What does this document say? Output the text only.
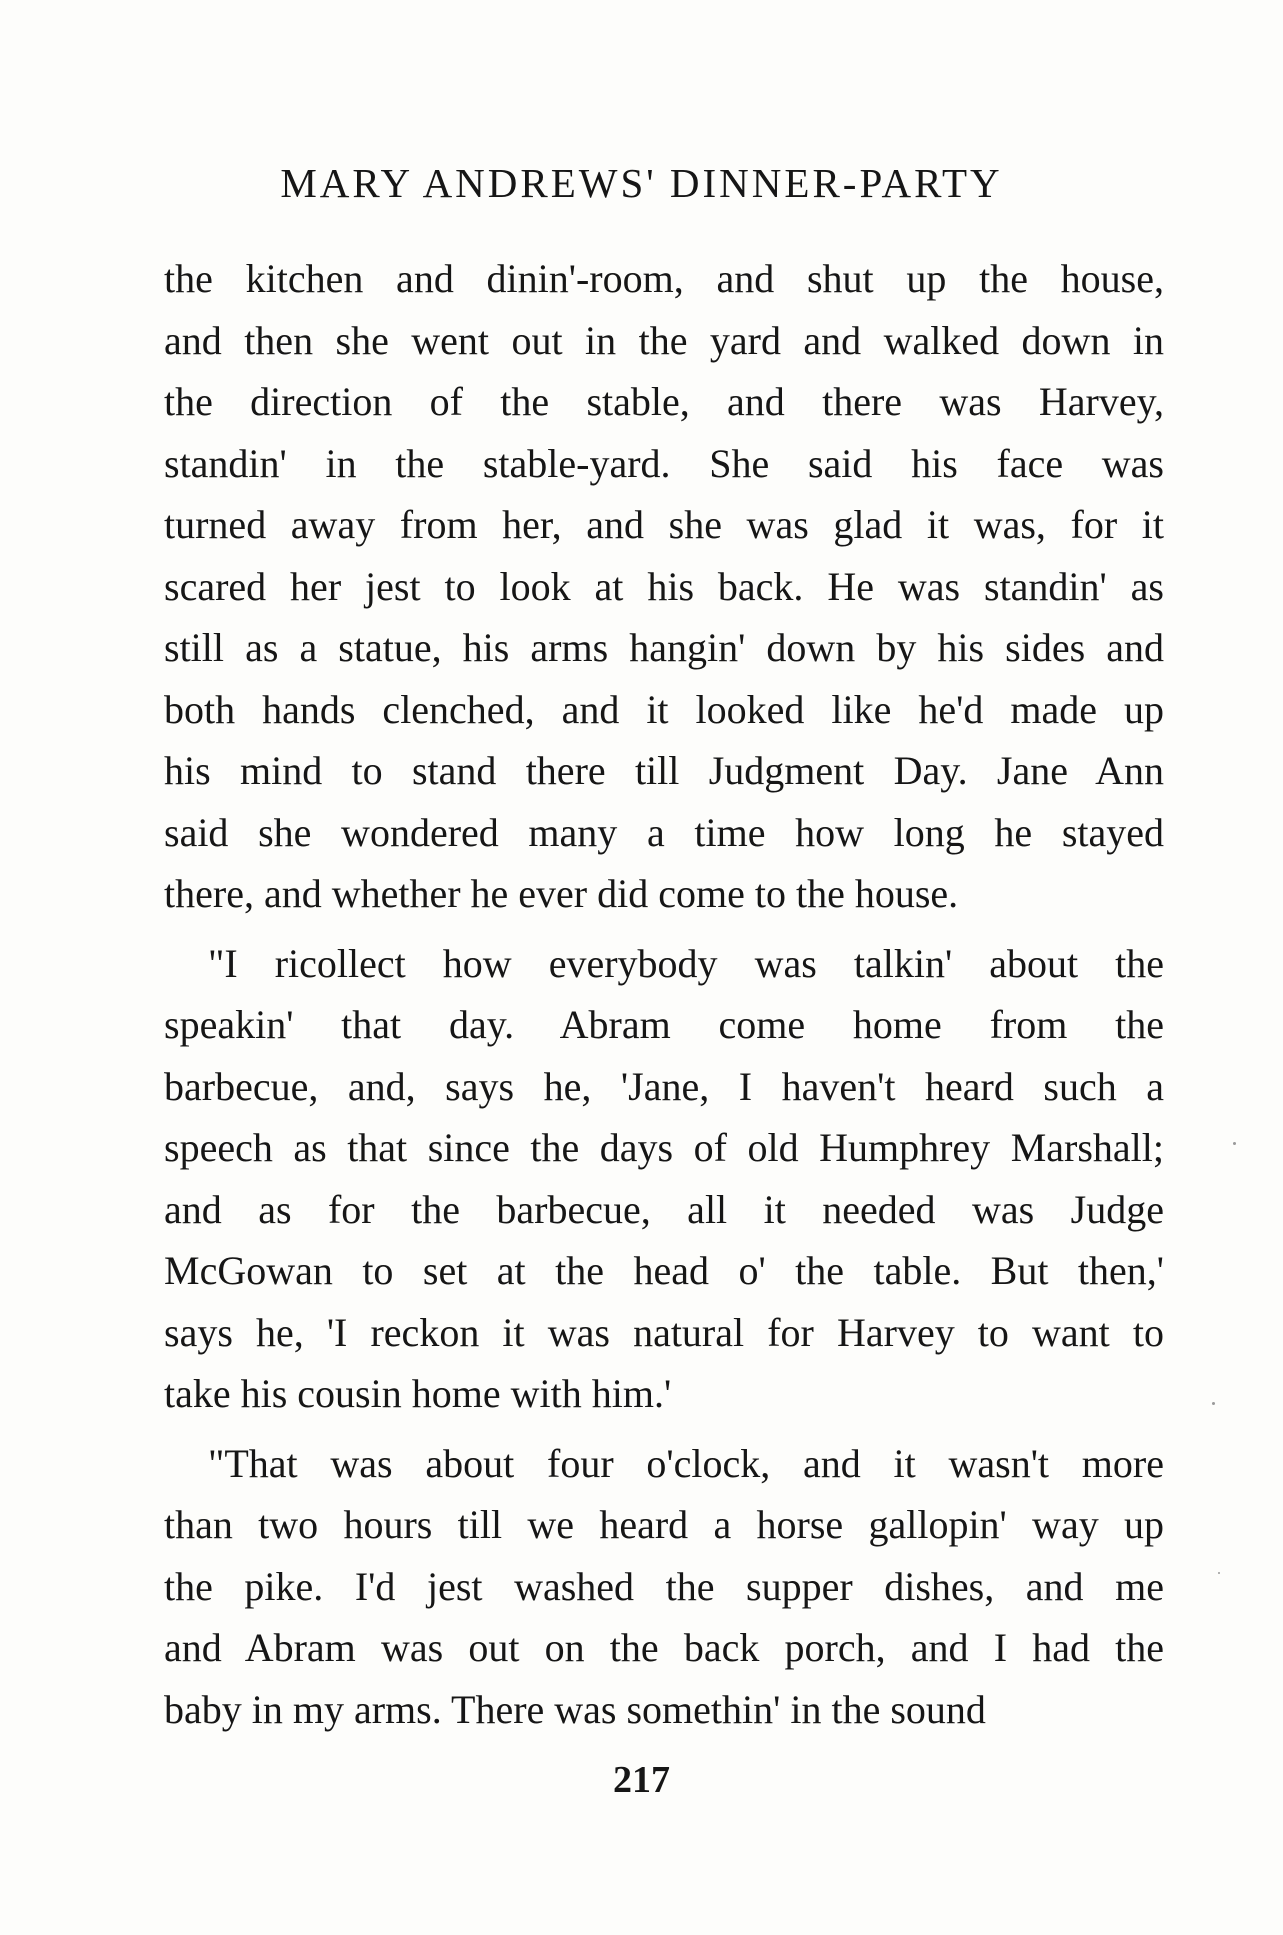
MARY ANDREWS' DINNER-PARTY
the kitchen and dinin'-room, and shut up the house,
and then she went out in the yard and walked down in
the direction of the stable, and there was Harvey,
standin' in the stable-yard. She said his face was
turned away from her, and she was glad it was, for it
scared her jest to look at his back. He was standin' as
still as a statue, his arms hangin' down by his sides and
both hands clenched, and it looked like he'd made up
his mind to stand there till Judgment Day. Jane Ann
said she wondered many a time how long he stayed
there, and whether he ever did come to the house.
"I ricollect how everybody was talkin' about the
speakin' that day. Abram come home from the
barbecue, and, says he, 'Jane, I haven't heard such a
speech as that since the days of old Humphrey Marshall;
and as for the barbecue, all it needed was Judge
McGowan to set at the head o' the table. But then,'
says he, 'I reckon it was natural for Harvey to want to
take his cousin home with him.'
"That was about four o'clock, and it wasn't more
than two hours till we heard a horse gallopin' way up
the pike. I'd jest washed the supper dishes, and me
and Abram was out on the back porch, and I had the
baby in my arms. There was somethin' in the sound
217
